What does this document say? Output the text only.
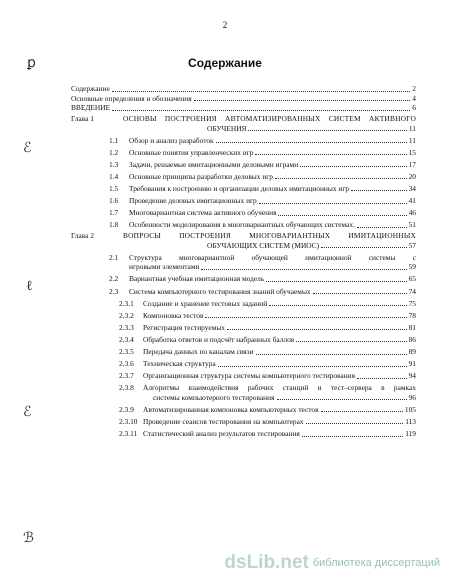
2
Содержание
Содержание	2
Основные определения и обозначения	4
ВВЕДЕНИЕ	6
Глава 1	ОСНОВЫ ПОСТРОЕНИЯ АВТОМАТИЗИРОВАННЫХ СИСТЕМ АКТИВНОГО
ОБУЧЕНИЯ	11
1.1 Обзор и анализ разработок	11
1.2 Основные понятия управленческих игр	15
1.3 Задачи, решаемые имитационными деловыми играми	17
1.4 Основные принципы разработки деловых игр	20
1.5 Требования к построению и организации деловых имитационных игр	34
1.6 Проведение деловых имитационных игр	41
1.7 Многовариантная система активного обучения	46
1.8 Особенности моделирования в многовариантных обучающих системах.	51
Глава 2	ВОПРОСЫ ПОСТРОЕНИЯ МНОГОВАРИАНТНЫХ ИМИТАЦИОННЫХ
ОБУЧАЮЩИХ СИСТЕМ (МИОС)	57
2.1 Структура многовариантной обучающей имитационной системы с
игровыми элементами	59
2.2 Вариантная учебная имитационная модель	65
2.3 Система компьютерного тестирования знаний обучаемых	74
2.3.1 Создание и хранение тестовых заданий	75
2.3.2 Компоновка тестов	78
2.3.3 Регистрация тестируемых	81
2.3.4 Обработка ответов и подсчёт набранных баллов	86
2.3.5 Передача данных по каналам связи	89
2.3.6 Техническая структура	91
2.3.7 Организационная структура системы компьютерного тестирования	94
2.3.8 Алгоритмы взаимодействия рабочих станций и тест–сервера в рамках
системы компьютерного тестирования	96
2.3.9 Автоматизированная компоновка компьютерных тестов	105
2.3.10 Проведение сеансов тестирования на компьютерах	113
2.3.11 Статистический анализ результатов тестирования	119
ꝑ
ℰ
ℓ
ℰ
ℬ
dsLib.net библиотека диссертаций
